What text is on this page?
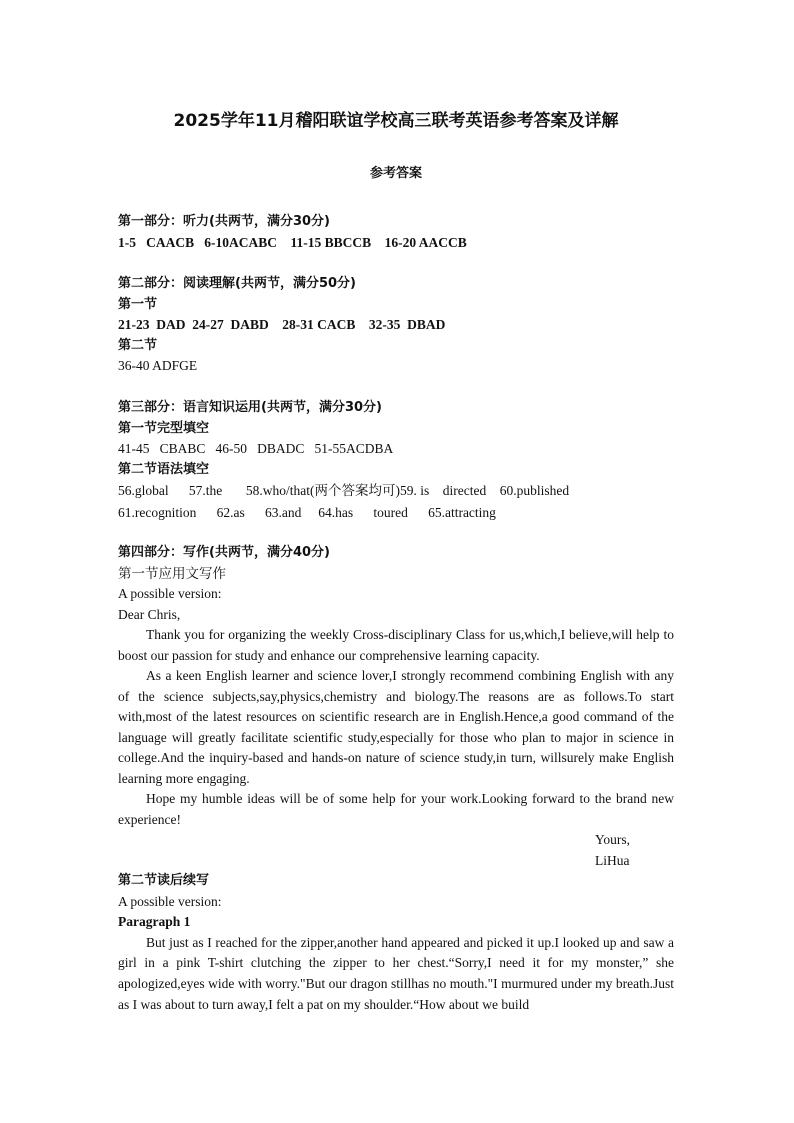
2025学年11月稽阳联谊学校高三联考英语参考答案及详解
参考答案
第一部分：听力(共两节，满分30分)
1-5   CAACB   6-10ACABC    11-15 BBCCB    16-20 AACCB
第二部分：阅读理解(共两节，满分50分)
第一节
21-23  DAD  24-27  DABD    28-31 CACB    32-35  DBAD
第二节
36-40 ADFGE
第三部分：语言知识运用(共两节，满分30分)
第一节完型填空
41-45   CBABC   46-50   DBADC   51-55ACDBA
第二节语法填空
56.global      57.the       58.who/that(两个答案均可)59. is    directed    60.published
61.recognition      62.as      63.and     64.has      toured      65.attracting
第四部分：写作(共两节，满分40分)
第一节应用文写作
A possible version:
Dear Chris,
Thank you for organizing the weekly Cross-disciplinary Class for us,which,I believe,will help to boost our passion for study and enhance our comprehensive learning capacity.
As a keen English learner and science lover,I strongly recommend combining English with any of the science subjects,say,physics,chemistry and biology.The reasons are as follows.To start with,most of the latest resources on scientific research are in English.Hence,a good command of the language will greatly facilitate scientific study,especially for those who plan to major in science in college.And the inquiry-based and hands-on nature of science study,in turn, willsurely make English learning more engaging.
Hope my humble ideas will be of some help for your work.Looking forward to the brand new experience!
Yours,
LiHua
第二节读后续写
A possible version:
Paragraph 1
But just as I reached for the zipper,another hand appeared and picked it up.I looked up and saw a girl in a pink T-shirt clutching the zipper to her chest.“Sorry,I need it for my monster,” she apologized,eyes wide with worry."But our dragon stillhas no mouth."I murmured under my breath.Just as I was about to turn away,I felt a pat on my shoulder.“How about we build
